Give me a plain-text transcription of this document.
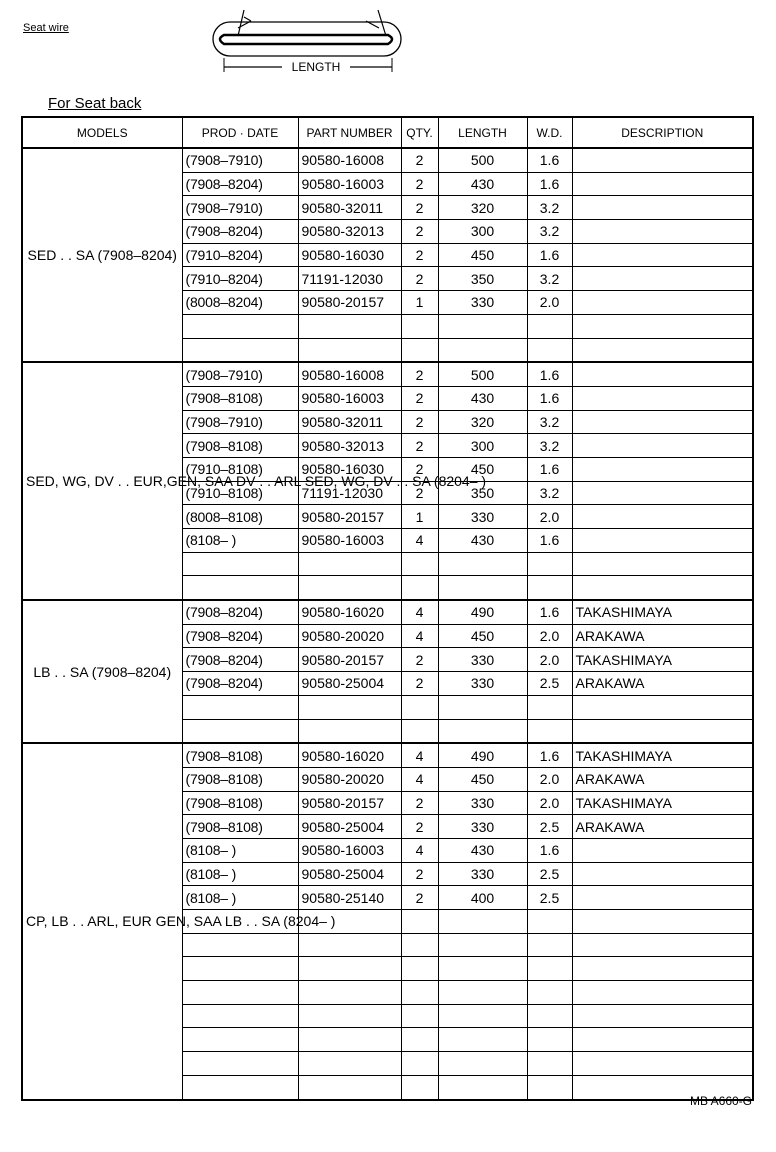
Seat wire
LENGTH
For Seat back
MODELS	PROD · DATE	PART NUMBER	QTY.	LENGTH	W.D.	DESCRIPTION
SED . . SA (7908–8204)	(7908–7910)	90580-16008	2	500	1.6	
	(7908–8204)	90580-16003	2	430	1.6	
	(7908–7910)	90580-32011	2	320	3.2	
	(7908–8204)	90580-32013	2	300	3.2	
	(7910–8204)	90580-16030	2	450	1.6	
	(7910–8204)	71191-12030	2	350	3.2	
	(8008–8204)	90580-20157	1	330	2.0	

SED, WG, DV . . EUR,GEN, SAA DV . . ARL SED, WG, DV . . SA (8204– )	(7908–7910)	90580-16008	2	500	1.6	
	(7908–8108)	90580-16003	2	430	1.6	
	(7908–7910)	90580-32011	2	320	3.2	
	(7908–8108)	90580-32013	2	300	3.2	
	(7910–8108)	90580-16030	2	450	1.6	
	(7910–8108)	71191-12030	2	350	3.2	
	(8008–8108)	90580-20157	1	330	2.0	
	(8108– )	90580-16003	4	430	1.6	

LB . . SA (7908–8204)	(7908–8204)	90580-16020	4	490	1.6	TAKASHIMAYA
	(7908–8204)	90580-20020	4	450	2.0	ARAKAWA
	(7908–8204)	90580-20157	2	330	2.0	TAKASHIMAYA
	(7908–8204)	90580-25004	2	330	2.5	ARAKAWA

CP, LB . . ARL, EUR GEN, SAA LB . . SA (8204– )	(7908–8108)	90580-16020	4	490	1.6	TAKASHIMAYA
	(7908–8108)	90580-20020	4	450	2.0	ARAKAWA
	(7908–8108)	90580-20157	2	330	2.0	TAKASHIMAYA
	(7908–8108)	90580-25004	2	330	2.5	ARAKAWA
	(8108– )	90580-16003	4	430	1.6	
	(8108– )	90580-25004	2	330	2.5	
	(8108– )	90580-25140	2	400	2.5	

MB A660-G
